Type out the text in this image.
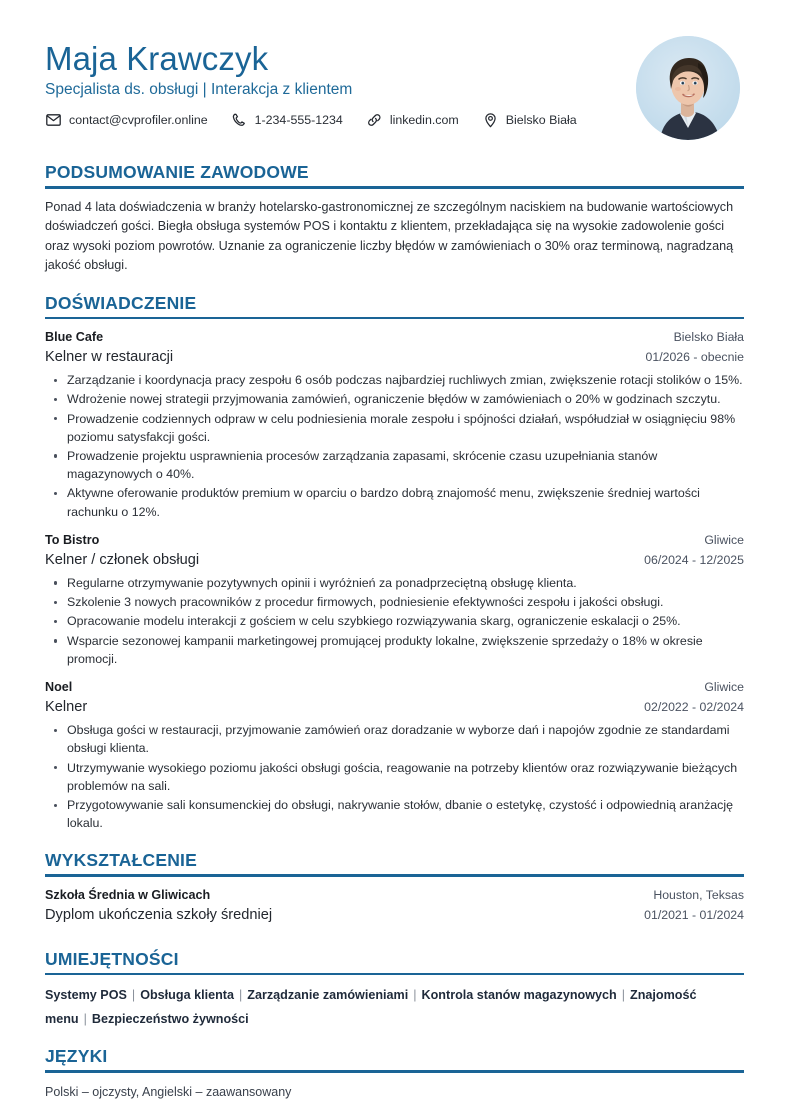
Maja Krawczyk
Specjalista ds. obsługi | Interakcja z klientem
contact@cvprofiler.online	1-234-555-1234	linkedin.com	Bielsko Biała
PODSUMOWANIE ZAWODOWE
Ponad 4 lata doświadczenia w branży hotelarsko-gastronomicznej ze szczególnym naciskiem na budowanie wartościowych doświadczeń gości. Biegła obsługa systemów POS i kontaktu z klientem, przekładająca się na wysokie zadowolenie gości oraz wysoki poziom powrotów. Uznanie za ograniczenie liczby błędów w zamówieniach o 30% oraz terminową, nagradzaną jakość obsługi.
DOŚWIADCZENIE
Blue Cafe	Bielsko Biała
Kelner w restauracji	01/2026 - obecnie
Zarządzanie i koordynacja pracy zespołu 6 osób podczas najbardziej ruchliwych zmian, zwiększenie rotacji stolików o 15%.
Wdrożenie nowej strategii przyjmowania zamówień, ograniczenie błędów w zamówieniach o 20% w godzinach szczytu.
Prowadzenie codziennych odpraw w celu podniesienia morale zespołu i spójności działań, współudział w osiągnięciu 98% poziomu satysfakcji gości.
Prowadzenie projektu usprawnienia procesów zarządzania zapasami, skrócenie czasu uzupełniania stanów magazynowych o 40%.
Aktywne oferowanie produktów premium w oparciu o bardzo dobrą znajomość menu, zwiększenie średniej wartości rachunku o 12%.
To Bistro	Gliwice
Kelner / członek obsługi	06/2024 - 12/2025
Regularne otrzymywanie pozytywnych opinii i wyróżnień za ponadprzeciętną obsługę klienta.
Szkolenie 3 nowych pracowników z procedur firmowych, podniesienie efektywności zespołu i jakości obsługi.
Opracowanie modelu interakcji z gościem w celu szybkiego rozwiązywania skarg, ograniczenie eskalacji o 25%.
Wsparcie sezonowej kampanii marketingowej promującej produkty lokalne, zwiększenie sprzedaży o 18% w okresie promocji.
Noel	Gliwice
Kelner	02/2022 - 02/2024
Obsługa gości w restauracji, przyjmowanie zamówień oraz doradzanie w wyborze dań i napojów zgodnie ze standardami obsługi klienta.
Utrzymywanie wysokiego poziomu jakości obsługi gościa, reagowanie na potrzeby klientów oraz rozwiązywanie bieżących problemów na sali.
Przygotowywanie sali konsumenckiej do obsługi, nakrywanie stołów, dbanie o estetykę, czystość i odpowiednią aranżację lokalu.
WYKSZTAŁCENIE
Szkoła Średnia w Gliwicach	Houston, Teksas
Dyplom ukończenia szkoły średniej	01/2021 - 01/2024
UMIEJĘTNOŚCI
Systemy POS | Obsługa klienta | Zarządzanie zamówieniami | Kontrola stanów magazynowych | Znajomość menu | Bezpieczeństwo żywności
JĘZYKI
Polski – ojczysty, Angielski – zaawansowany
